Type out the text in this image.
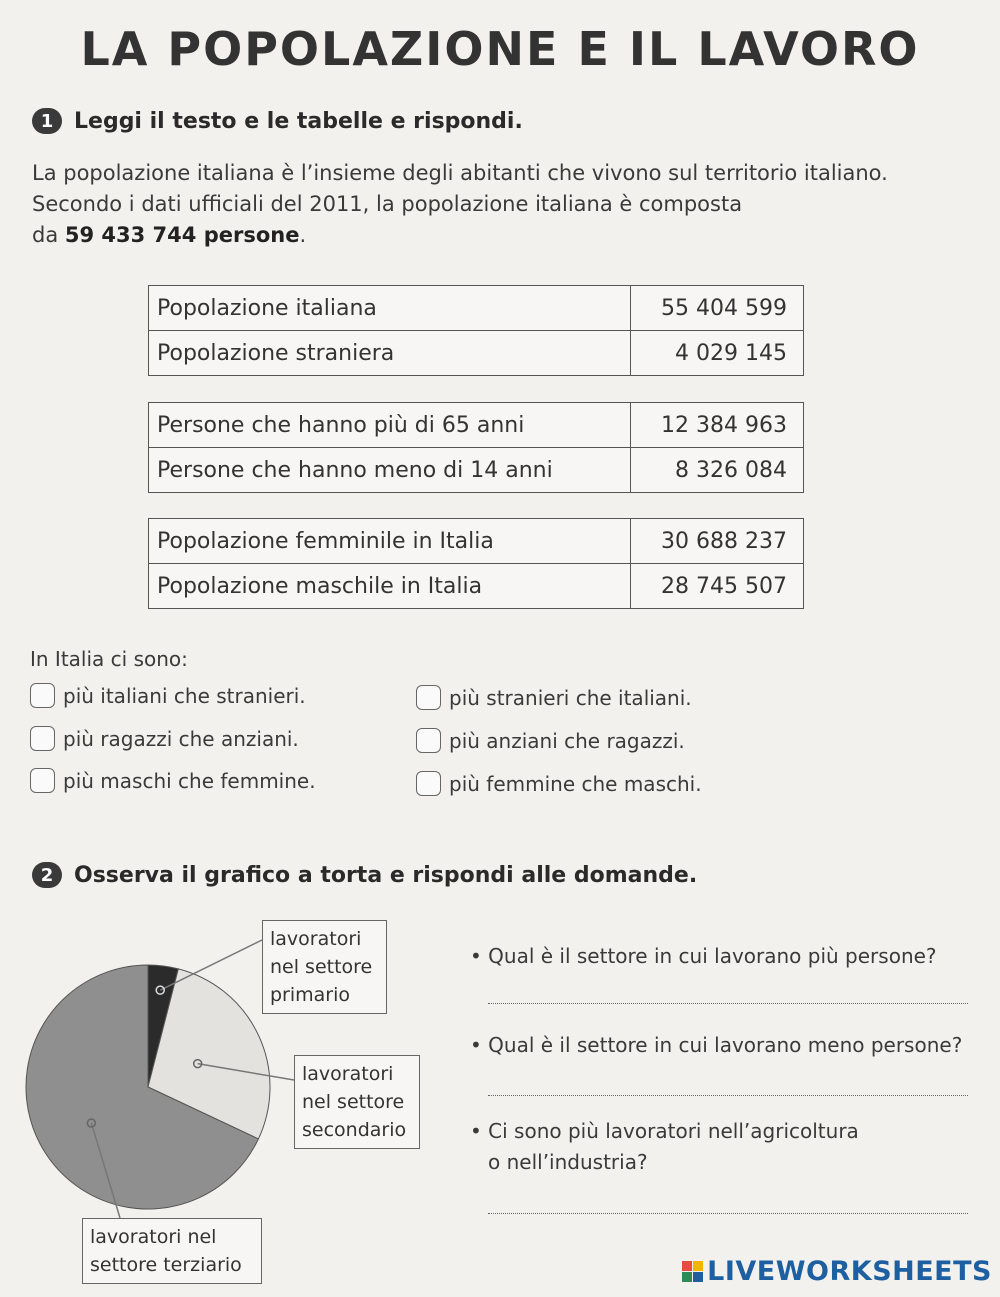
LA POPOLAZIONE E IL LAVORO
1 Leggi il testo e le tabelle e rispondi.
La popolazione italiana è l’insieme degli abitanti che vivono sul territorio italiano.
Secondo i dati ufficiali del 2011, la popolazione italiana è composta
da 59 433 744 persone.
Popolazione italiana	55 404 599
Popolazione straniera	4 029 145
Persone che hanno più di 65 anni	12 384 963
Persone che hanno meno di 14 anni	8 326 084
Popolazione femminile in Italia	30 688 237
Popolazione maschile in Italia	28 745 507
In Italia ci sono:
più italiani che stranieri.	più stranieri che italiani.
più ragazzi che anziani.	più anziani che ragazzi.
più maschi che femmine.	più femmine che maschi.
2 Osserva il grafico a torta e rispondi alle domande.
lavoratori
nel settore
primario
lavoratori
nel settore
secondario
lavoratori nel
settore terziario
• Qual è il settore in cui lavorano più persone?
• Qual è il settore in cui lavorano meno persone?
• Ci sono più lavoratori nell’agricoltura
o nell’industria?
LIVEWORKSHEETS
